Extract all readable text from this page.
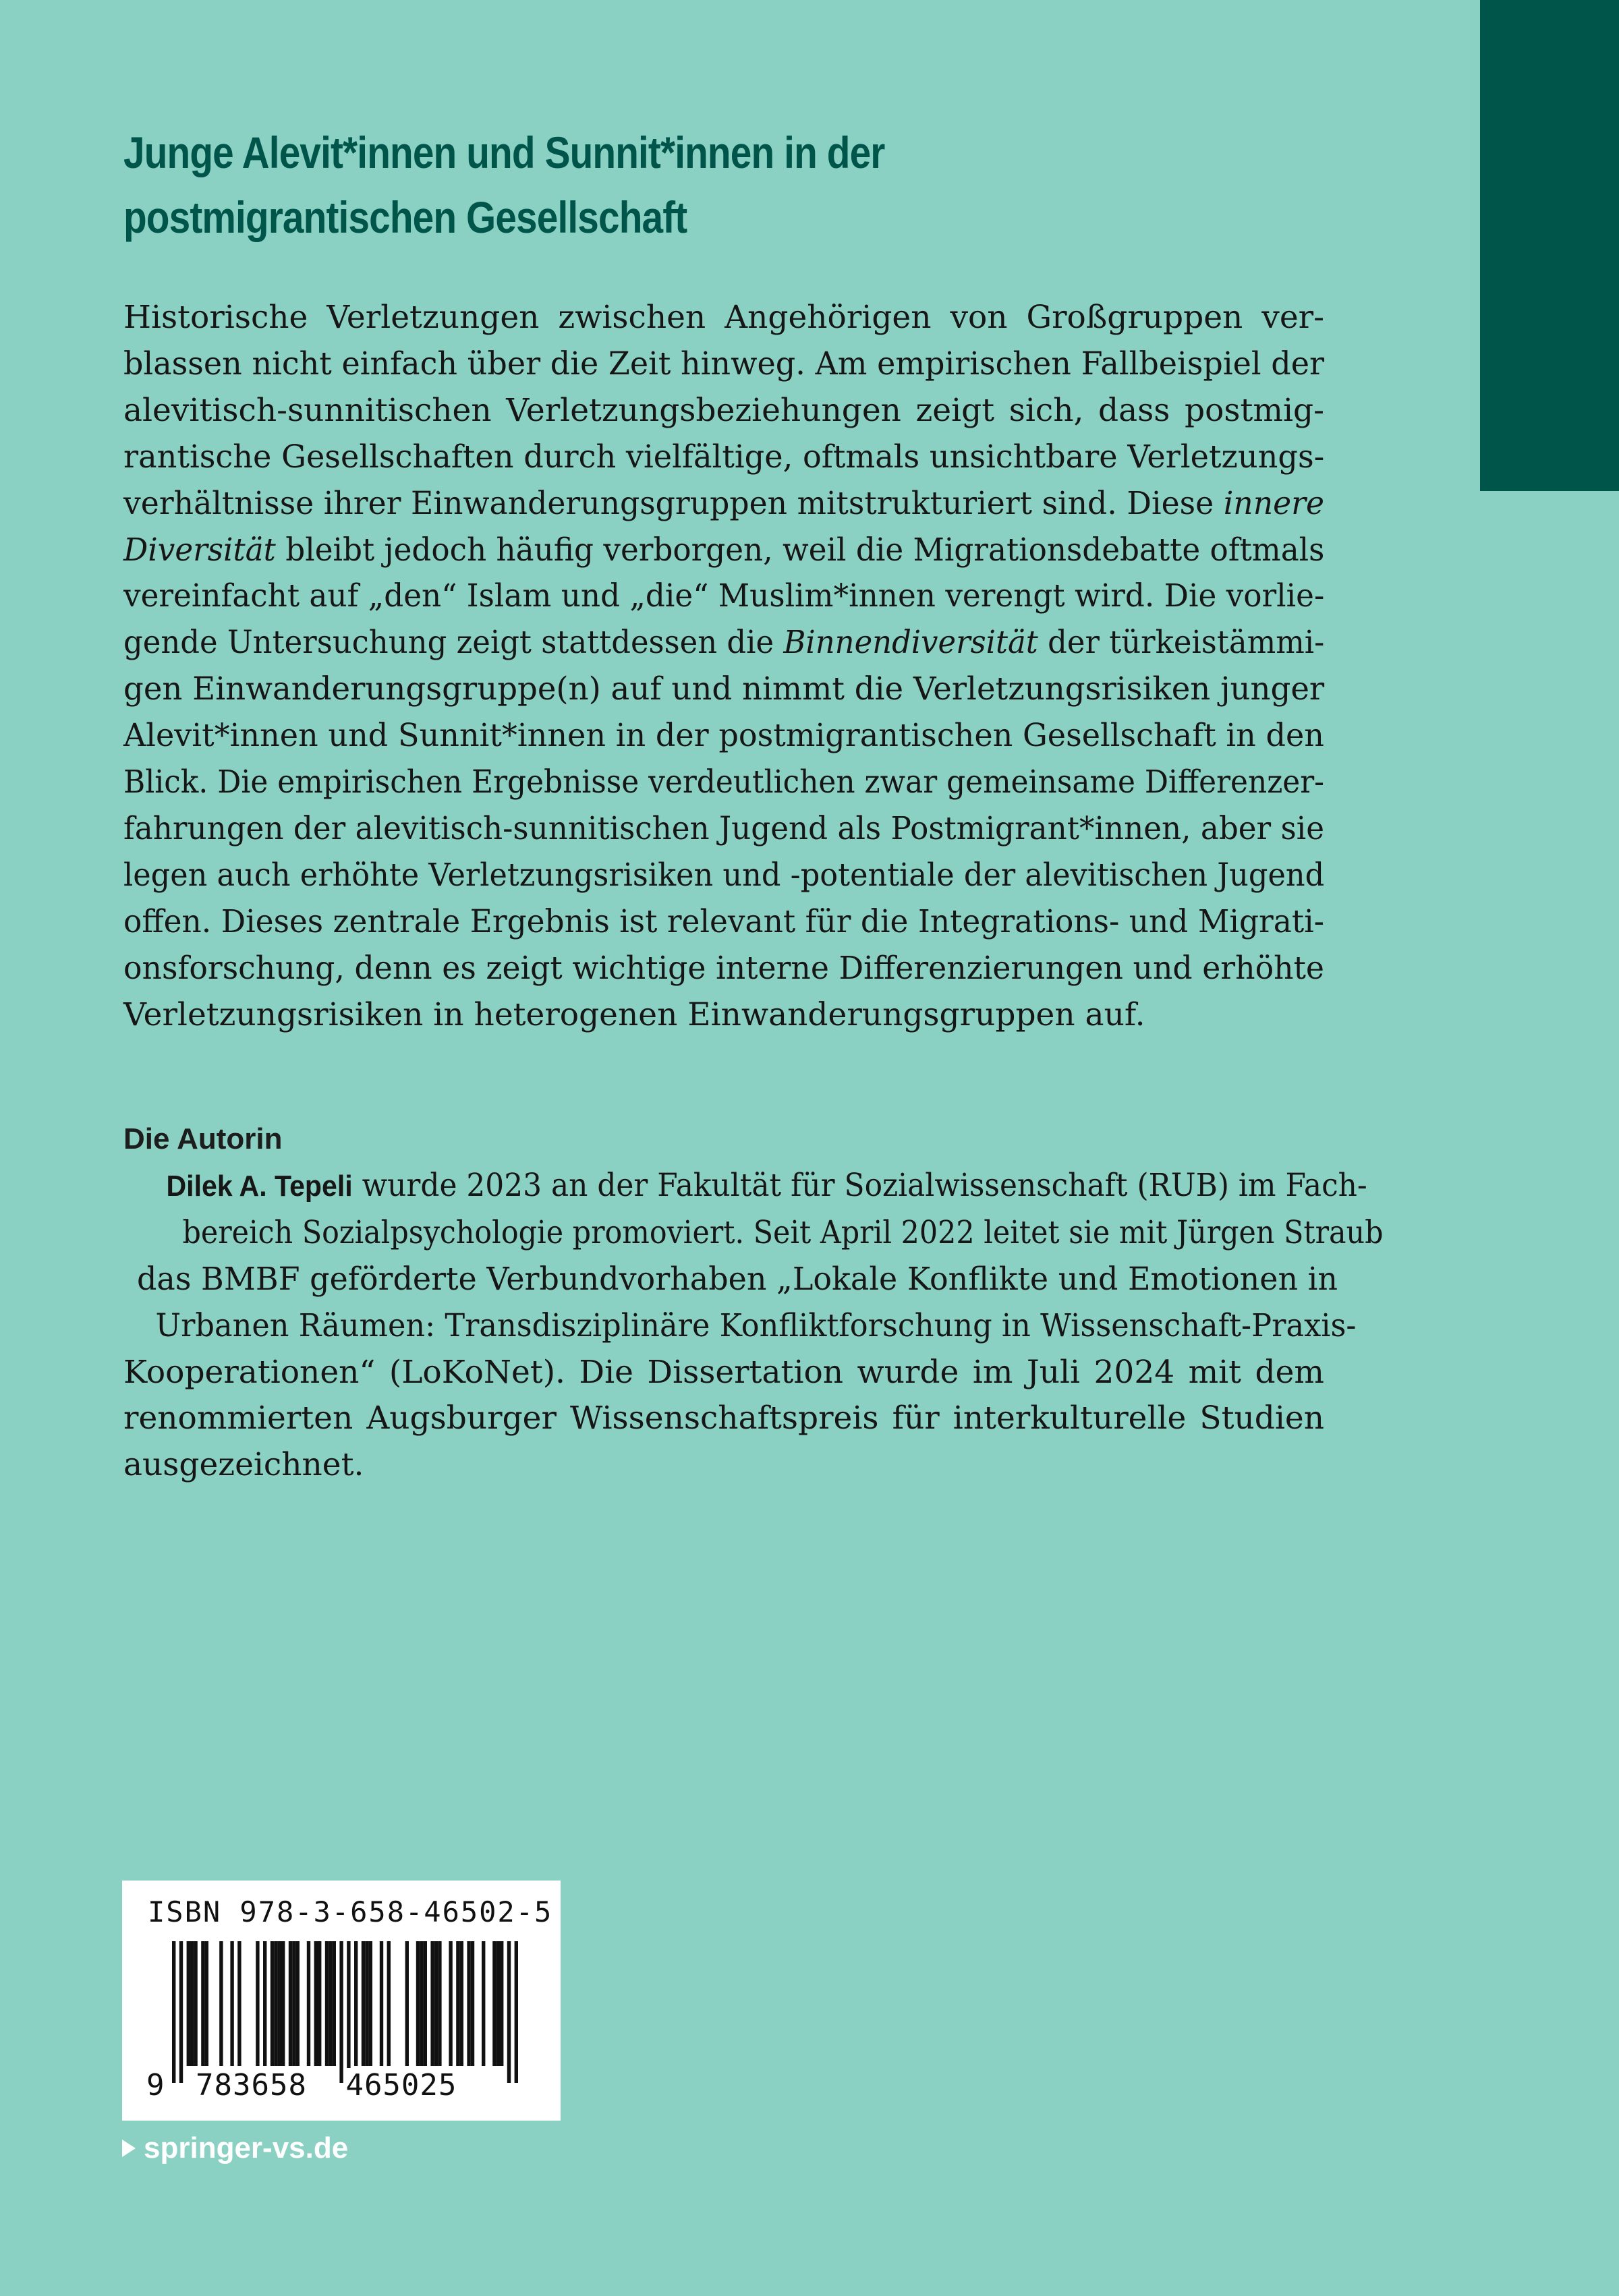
Junge Alevit*innen und Sunnit*innen in der
postmigrantischen Gesellschaft
Historische Verletzungen zwischen Angehörigen von Großgruppen ver-
blassen nicht einfach über die Zeit hinweg. Am empirischen Fallbeispiel der
alevitisch-sunnitischen Verletzungsbeziehungen zeigt sich, dass postmig-
rantische Gesellschaften durch vielfältige, oftmals unsichtbare Verletzungs-
verhältnisse ihrer Einwanderungsgruppen mitstrukturiert sind. Diese innere
Diversität bleibt jedoch häufig verborgen, weil die Migrationsdebatte oftmals
vereinfacht auf „den“ Islam und „die“ Muslim*innen verengt wird. Die vorlie-
gende Untersuchung zeigt stattdessen die Binnendiversität der türkeistämmi-
gen Einwanderungsgruppe(n) auf und nimmt die Verletzungsrisiken junger
Alevit*innen und Sunnit*innen in der postmigrantischen Gesellschaft in den
Blick. Die empirischen Ergebnisse verdeutlichen zwar gemeinsame Differenzer-
fahrungen der alevitisch-sunnitischen Jugend als Postmigrant*innen, aber sie
legen auch erhöhte Verletzungsrisiken und -potentiale der alevitischen Jugend
offen. Dieses zentrale Ergebnis ist relevant für die Integrations- und Migrati-
onsforschung, denn es zeigt wichtige interne Differenzierungen und erhöhte
Verletzungsrisiken in heterogenen Einwanderungsgruppen auf.
Die Autorin
Dilek A. Tepeli wurde 2023 an der Fakultät für Sozialwissenschaft (RUB) im Fach-
bereich Sozialpsychologie promoviert. Seit April 2022 leitet sie mit Jürgen Straub
das BMBF geförderte Verbundvorhaben „Lokale Konflikte und Emotionen in
Urbanen Räumen: Transdisziplinäre Konfliktforschung in Wissenschaft-Praxis-
Kooperationen“ (LoKoNet). Die Dissertation wurde im Juli 2024 mit dem
renommierten Augsburger Wissenschaftspreis für interkulturelle Studien
ausgezeichnet.
ISBN 978-3-658-46502-5
9 783658 465025
springer-vs.de
